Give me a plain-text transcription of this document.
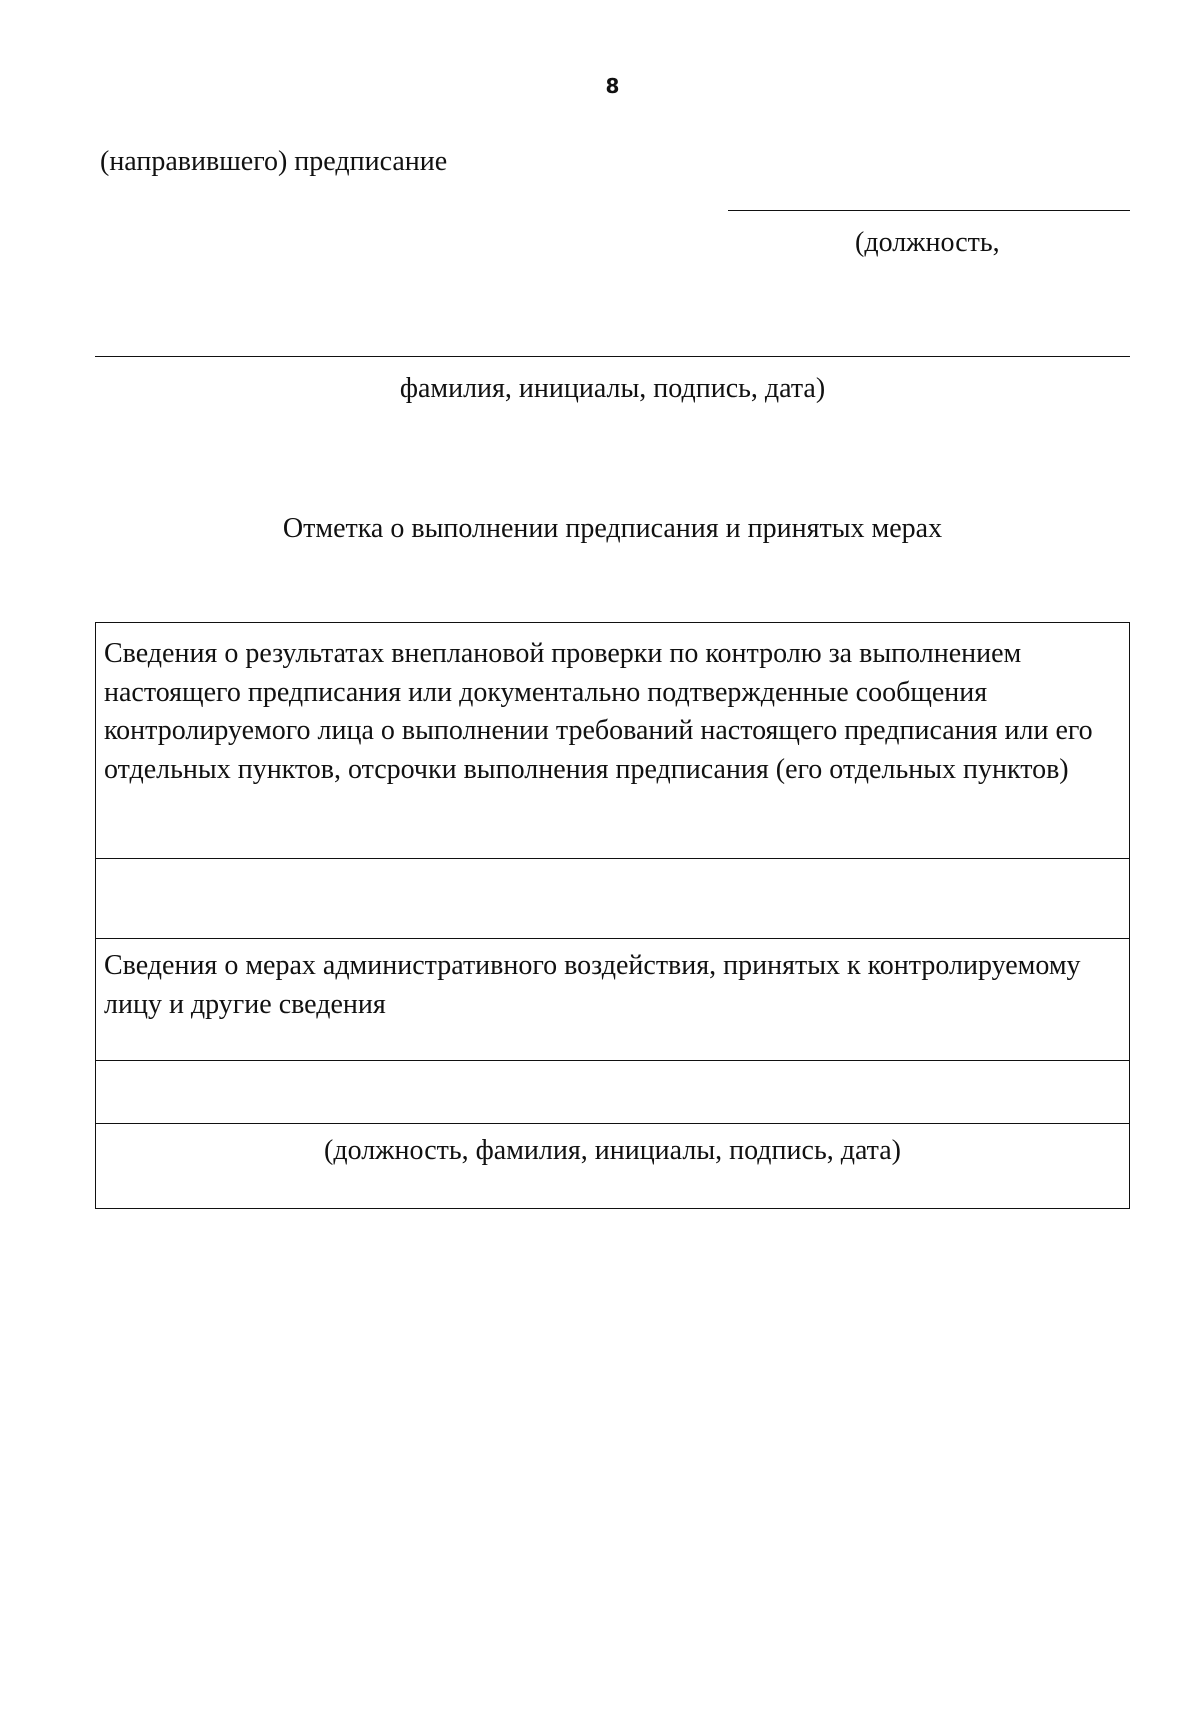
8
(направившего) предписание
(должность,
фамилия, инициалы, подпись, дата)
Отметка о выполнении предписания и принятых мерах
Сведения о результатах внеплановой проверки по контролю за выполнением настоящего предписания или документально подтвержденные сообщения контролируемого лица о выполнении требований настоящего предписания или его отдельных пунктов, отсрочки выполнения предписания (его отдельных пунктов)
Сведения о мерах административного воздействия, принятых к контролируемому лицу и другие сведения
(должность, фамилия, инициалы, подпись, дата)
